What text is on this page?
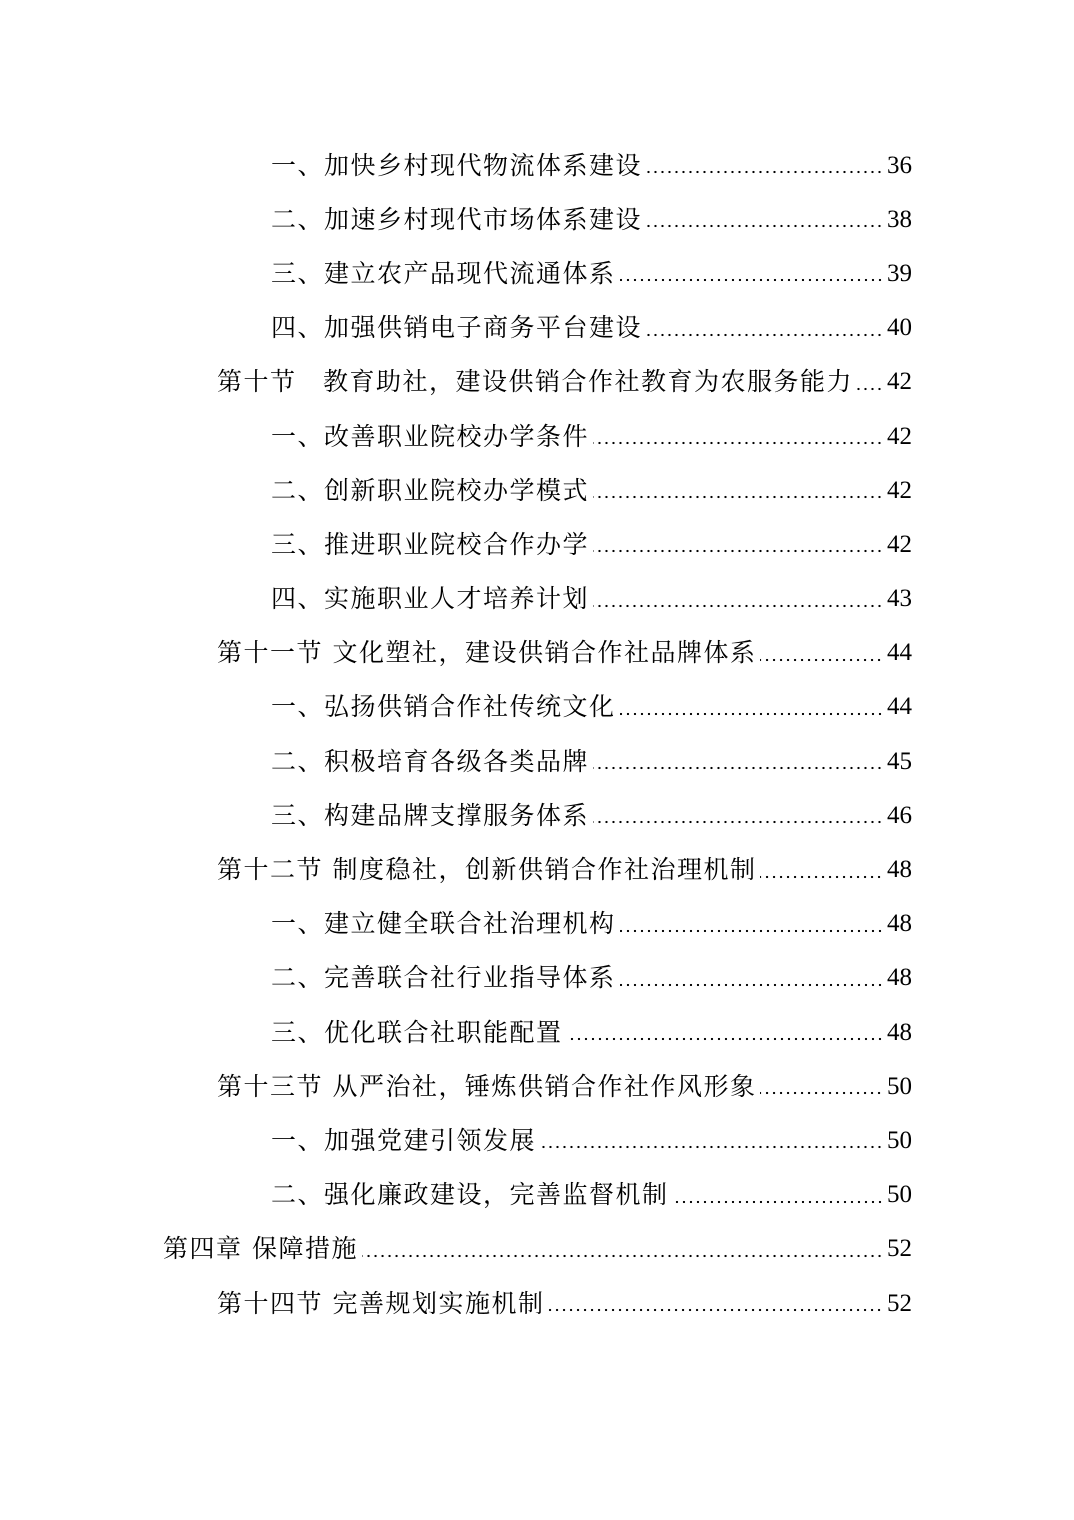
一、加快乡村现代物流体系建设	36
二、加速乡村现代市场体系建设	38
三、建立农产品现代流通体系	39
四、加强供销电子商务平台建设	40
第十节　教育助社，建设供销合作社教育为农服务能力 42
一、改善职业院校办学条件	42
二、创新职业院校办学模式	42
三、推进职业院校合作办学	42
四、实施职业人才培养计划	43
第十一节 文化塑社，建设供销合作社品牌体系	44
一、弘扬供销合作社传统文化	44
二、积极培育各级各类品牌	45
三、构建品牌支撑服务体系	46
第十二节 制度稳社，创新供销合作社治理机制	48
一、建立健全联合社治理机构	48
二、完善联合社行业指导体系	48
三、优化联合社职能配置	48
第十三节 从严治社，锤炼供销合作社作风形象	50
一、加强党建引领发展	50
二、强化廉政建设，完善监督机制	50
第四章 保障措施	52
第十四节 完善规划实施机制	52
